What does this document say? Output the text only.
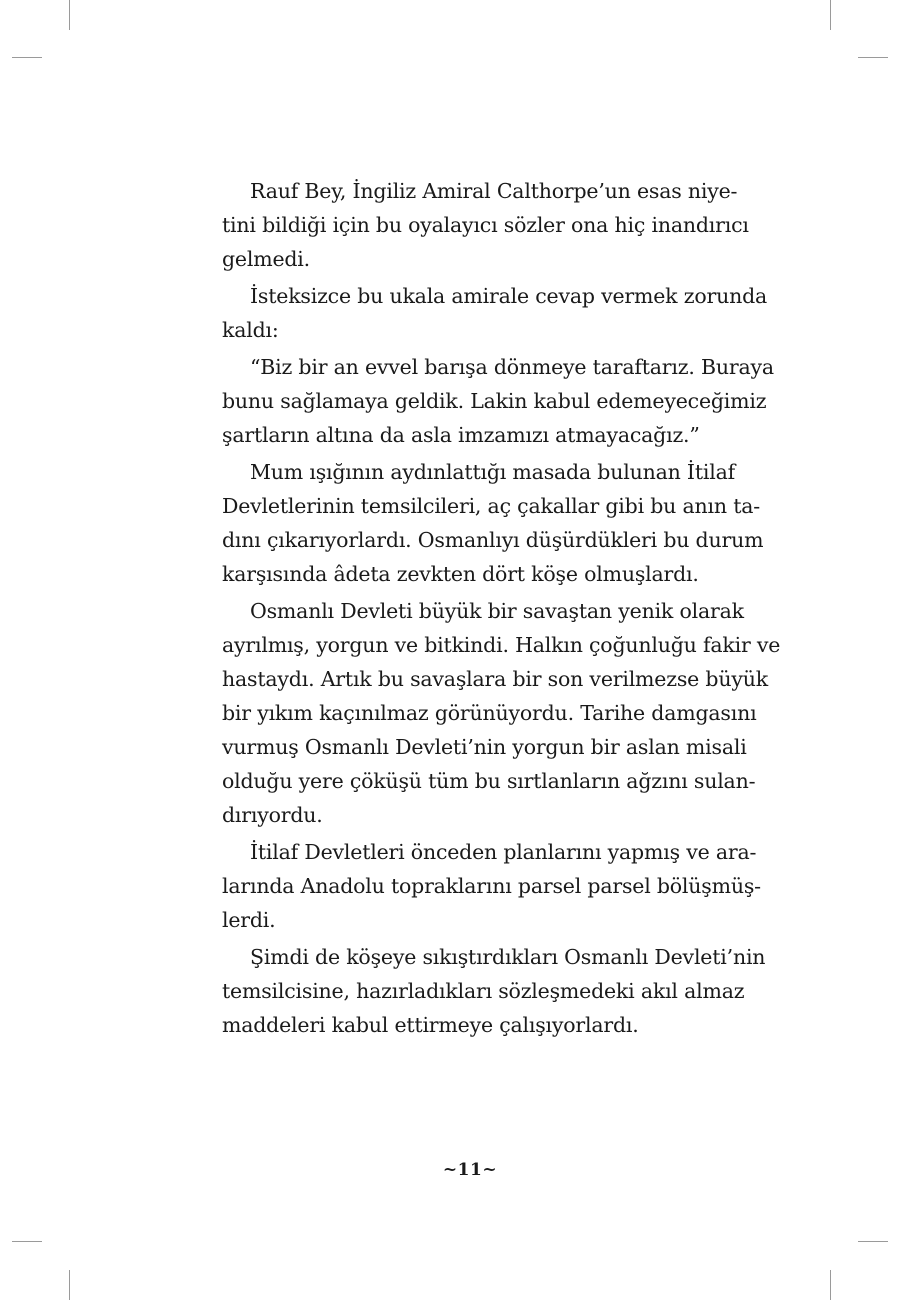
Rauf Bey, İngiliz Amiral Calthorpe’un esas niye-
tini bildiği için bu oyalayıcı sözler ona hiç inandırıcı
gelmedi.
İsteksizce bu ukala amirale cevap vermek zorunda
kaldı:
“Biz bir an evvel barışa dönmeye taraftarız. Buraya
bunu sağlamaya geldik. Lakin kabul edemeyeceğimiz
şartların altına da asla imzamızı atmayacağız.”
Mum ışığının aydınlattığı masada bulunan İtilaf
Devletlerinin temsilcileri, aç çakallar gibi bu anın ta-
dını çıkarıyorlardı. Osmanlıyı düşürdükleri bu durum
karşısında âdeta zevkten dört köşe olmuşlardı.
Osmanlı Devleti büyük bir savaştan yenik olarak
ayrılmış, yorgun ve bitkindi. Halkın çoğunluğu fakir ve
hastaydı. Artık bu savaşlara bir son verilmezse büyük
bir yıkım kaçınılmaz görünüyordu. Tarihe damgasını
vurmuş Osmanlı Devleti’nin yorgun bir aslan misali
olduğu yere çöküşü tüm bu sırtlanların ağzını sulan-
dırıyordu.
İtilaf Devletleri önceden planlarını yapmış ve ara-
larında Anadolu topraklarını parsel parsel bölüşmüş-
lerdi.
Şimdi de köşeye sıkıştırdıkları Osmanlı Devleti’nin
temsilcisine, hazırladıkları sözleşmedeki akıl almaz
maddeleri kabul ettirmeye çalışıyorlardı.
~11~
